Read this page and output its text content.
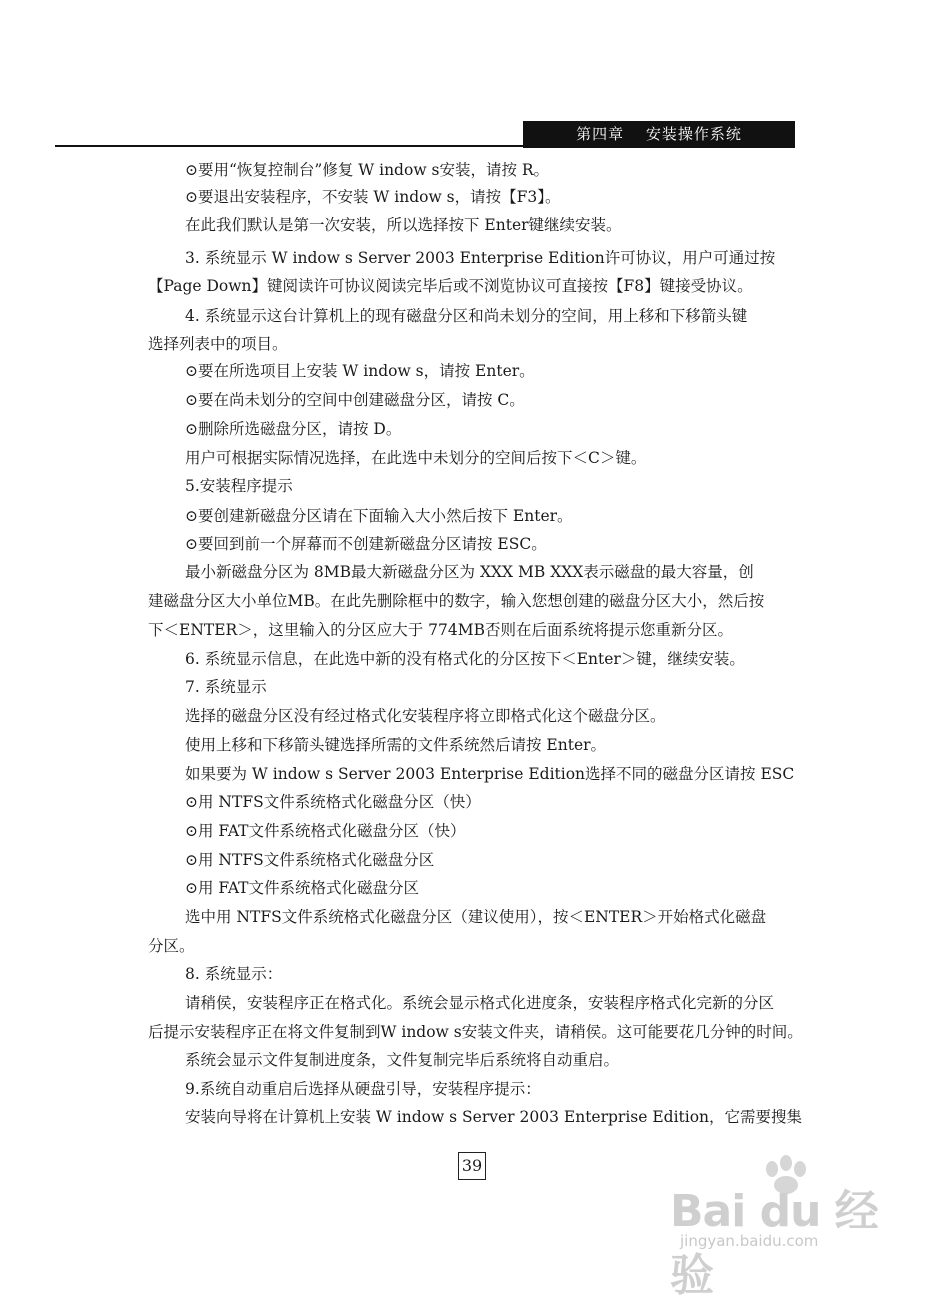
第四章 安装操作系统
⊙要用“恢复控制台”修复 W indow s安装，请按 R。
⊙要退出安装程序，不安装 W indow s，请按【F3】。
在此我们默认是第一次安装，所以选择按下 Enter键继续安装。
3. 系统显示 W indow s Server 2003 Enterprise Edition许可协议，用户可通过按
【Page Down】键阅读许可协议阅读完毕后或不浏览协议可直接按【F8】键接受协议。
4. 系统显示这台计算机上的现有磁盘分区和尚未划分的空间，用上移和下移箭头键
选择列表中的项目。
⊙要在所选项目上安装 W indow s，请按 Enter。
⊙要在尚未划分的空间中创建磁盘分区，请按 C。
⊙删除所选磁盘分区，请按 D。
用户可根据实际情况选择，在此选中未划分的空间后按下＜C＞键。
5.安装程序提示
⊙要创建新磁盘分区请在下面输入大小然后按下 Enter。
⊙要回到前一个屏幕而不创建新磁盘分区请按 ESC。
最小新磁盘分区为 8MB最大新磁盘分区为 XXX MB XXX表示磁盘的最大容量，创
建磁盘分区大小单位MB。在此先删除框中的数字，输入您想创建的磁盘分区大小，然后按
下＜ENTER＞，这里输入的分区应大于 774MB否则在后面系统将提示您重新分区。
6. 系统显示信息，在此选中新的没有格式化的分区按下＜Enter＞键，继续安装。
7. 系统显示
选择的磁盘分区没有经过格式化安装程序将立即格式化这个磁盘分区。
使用上移和下移箭头键选择所需的文件系统然后请按 Enter。
如果要为 W indow s Server 2003 Enterprise Edition选择不同的磁盘分区请按 ESC
⊙用 NTFS文件系统格式化磁盘分区（快）
⊙用 FAT文件系统格式化磁盘分区（快）
⊙用 NTFS文件系统格式化磁盘分区
⊙用 FAT文件系统格式化磁盘分区
选中用 NTFS文件系统格式化磁盘分区（建议使用），按＜ENTER＞开始格式化磁盘
分区。
8. 系统显示：
请稍侯，安装程序正在格式化。系统会显示格式化进度条，安装程序格式化完新的分区
后提示安装程序正在将文件复制到W indow s安装文件夹，请稍侯。这可能要花几分钟的时间。
系统会显示文件复制进度条，文件复制完毕后系统将自动重启。
9.系统自动重启后选择从硬盘引导，安装程序提示：
安装向导将在计算机上安装 W indow s Server 2003 Enterprise Edition，它需要搜集
39
Bai du 经验
jingyan.baidu.com
